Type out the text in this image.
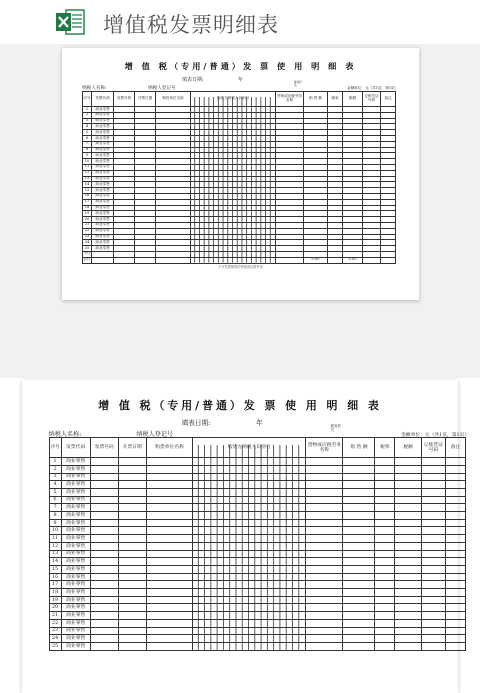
增值税发票明细表
增 值 税（专用/普通）发 票 使 用 明 细 表
填表日期:	年
纳税人名称:	纳税人登记号
税务机关
金额单位：元（共1页，第1页）
序号	发票代码	发票号码	开票日期	购货单位名称	购货方纳税人识别号	货物或应税劳务名称	销 售 额	税率	税额	记账凭证号码	备注
1	商业零售										
2	商业零售										
3	商业零售										
4	商业零售										
5	商业零售										
6	商业零售										
7	商业零售										
8	商业零售										
9	商业零售										
10	商业零售										
11	商业零售										
12	商业零售										
13	商业零售										
14	商业零售										
15	商业零售										
16	商业零售										
17	商业零售										
18	商业零售										
19	商业零售										
20	商业零售										
21	商业零售										
22	商业零售										
23	商业零售										
24	商业零售										
25	商业零售										
小计											
合计							0.00		0.00		
不开发票销售的货物或应税劳务
增 值 税（专用/普通）发 票 使 用 明 细 表
填表日期:	年
纳税人名称:	纳税人登记号
税务机关
金额单位：元（共1页，第1页）
序号	发票代码	发票号码	开票日期	购货单位名称	购货方纳税人识别号	货物或应税劳务名称	销 售 额	税率	税额	记账凭证号码	备注
1	商业零售										
2	商业零售										
3	商业零售										
4	商业零售										
5	商业零售										
6	商业零售										
7	商业零售										
8	商业零售										
9	商业零售										
10	商业零售										
11	商业零售										
12	商业零售										
13	商业零售										
14	商业零售										
15	商业零售										
16	商业零售										
17	商业零售										
18	商业零售										
19	商业零售										
20	商业零售										
21	商业零售										
22	商业零售										
23	商业零售										
24	商业零售										
25	商业零售										
